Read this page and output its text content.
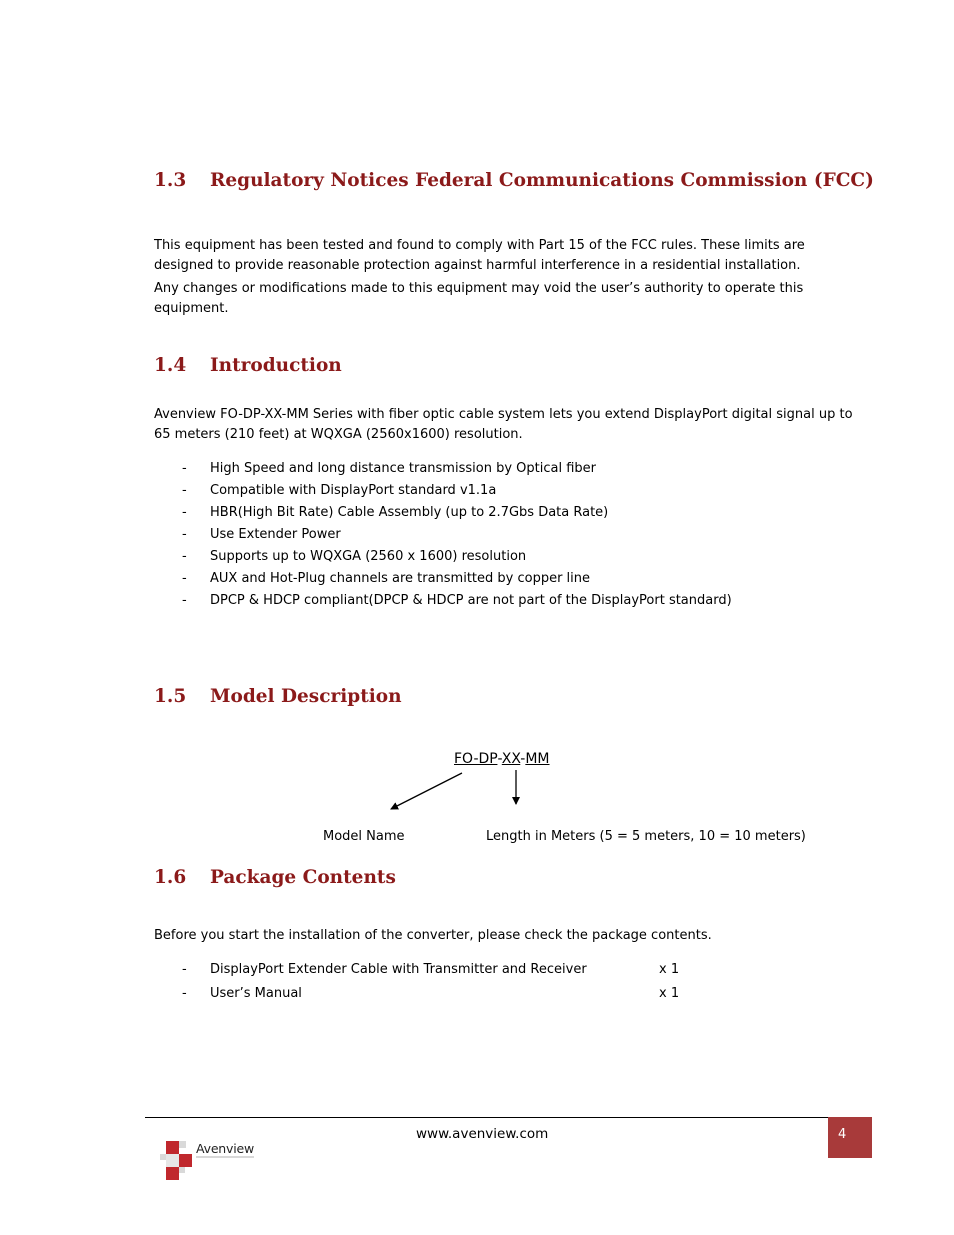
1.3 Regulatory Notices Federal Communications Commission (FCC)

This equipment has been tested and found to comply with Part 15 of the FCC rules. These limits are designed to provide reasonable protection against harmful interference in a residential installation.

Any changes or modifications made to this equipment may void the user’s authority to operate this equipment.

1.4 Introduction

Avenview FO-DP-XX-MM Series with fiber optic cable system lets you extend DisplayPort digital signal up to 65 meters (210 feet) at WQXGA (2560x1600) resolution.

- High Speed and long distance transmission by Optical fiber
- Compatible with DisplayPort standard v1.1a
- HBR(High Bit Rate) Cable Assembly (up to 2.7Gbs Data Rate)
- Use Extender Power
- Supports up to WQXGA (2560 x 1600) resolution
- AUX and Hot-Plug channels are transmitted by copper line
- DPCP & HDCP compliant(DPCP & HDCP are not part of the DisplayPort standard)
1.5 Model Description
FO-DP-XX-MM
Model Name	Length in Meters (5 = 5 meters, 10 = 10 meters)
1.6 Package Contents

Before you start the installation of the converter, please check the package contents.

- DisplayPort Extender Cable with Transmitter and Receiver	x 1
- User’s Manual	x 1
www.avenview.com	4
Avenview
